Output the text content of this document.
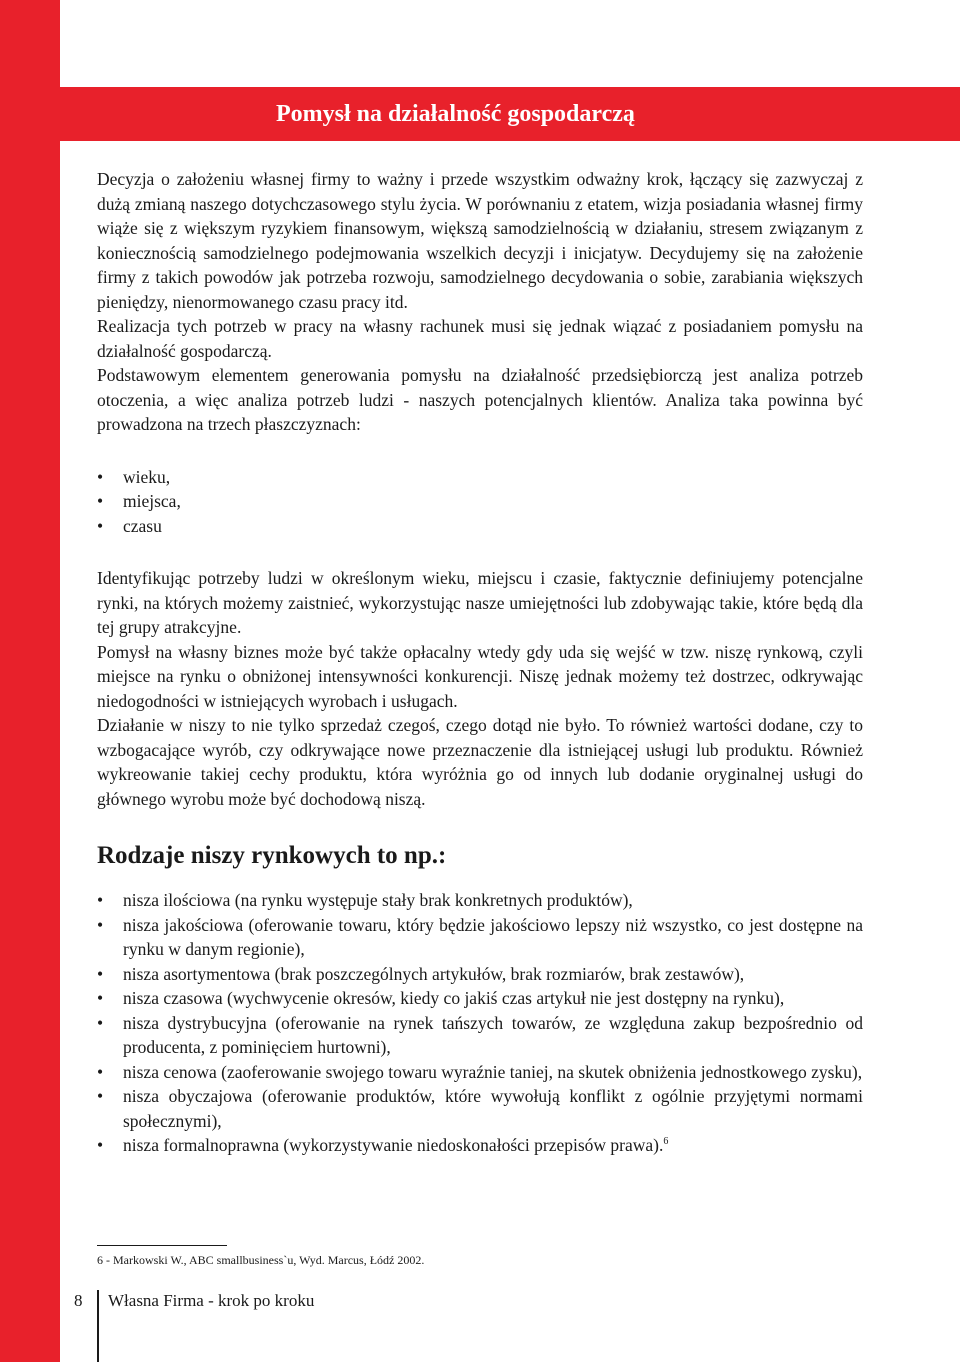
Pomysł na działalność gospodarczą

Decyzja o założeniu własnej firmy to ważny i przede wszystkim odważny krok, łączący się zazwyczaj z dużą zmianą naszego dotychczasowego stylu życia. W porównaniu z etatem, wizja posiadania własnej firmy wiąże się z większym ryzykiem finansowym, większą samodzielnością w działaniu, stresem związanym z koniecznością samodzielnego podejmowania wszelkich decyzji i inicjatyw. Decydujemy się na założenie firmy z takich powodów jak potrzeba rozwoju, samodzielnego decydowania o sobie, zarabiania większych pieniędzy, nienormowanego czasu pracy itd.

Realizacja tych potrzeb w pracy na własny rachunek musi się jednak wiązać z posiadaniem pomysłu na działalność gospodarczą.

Podstawowym elementem generowania pomysłu na działalność przedsiębiorczą jest analiza potrzeb otoczenia, a więc analiza potrzeb ludzi - naszych potencjalnych klientów. Analiza taka powinna być prowadzona na trzech płaszczyznach:

• wieku,
• miejsca,
• czasu

Identyfikując potrzeby ludzi w określonym wieku, miejscu i czasie, faktycznie definiujemy potencjalne rynki, na których możemy zaistnieć, wykorzystując nasze umiejętności lub zdobywając takie, które będą dla tej grupy atrakcyjne.

Pomysł na własny biznes może być także opłacalny wtedy gdy uda się wejść w tzw. niszę rynkową, czyli miejsce na rynku o obniżonej intensywności konkurencji. Niszę jednak możemy też dostrzec, odkrywając niedogodności w istniejących wyrobach i usługach.

Działanie w niszy to nie tylko sprzedaż czegoś, czego dotąd nie było. To również wartości dodane, czy to wzbogacające wyrób, czy odkrywające nowe przeznaczenie dla istniejącej usługi lub produktu. Również wykreowanie takiej cechy produktu, która wyróżnia go od innych lub dodanie oryginalnej usługi do głównego wyrobu może być dochodową niszą.

Rodzaje niszy rynkowych to np.:
• nisza ilościowa (na rynku występuje stały brak konkretnych produktów),
• nisza jakościowa (oferowanie towaru, który będzie jakościowo lepszy niż wszystko, co jest dostępne na rynku w danym regionie),
• nisza asortymentowa (brak poszczególnych artykułów, brak rozmiarów, brak zestawów),
• nisza czasowa (wychwycenie okresów, kiedy co jakiś czas artykuł nie jest dostępny na rynku),
• nisza dystrybucyjna (oferowanie na rynek tańszych towarów, ze względuna zakup bezpośrednio od producenta, z pominięciem hurtowni),
• nisza cenowa (zaoferowanie swojego towaru wyraźnie taniej, na skutek obniżenia jednostkowego zysku),
• nisza obyczajowa (oferowanie produktów, które wywołują konflikt z ogólnie przyjętymi normami społecznymi),
• nisza formalnoprawna (wykorzystywanie niedoskonałości przepisów prawa).$^6$
6 - Markowski W., ABC smallbusiness`u, Wyd. Marcus, Łódź 2002.
8 Własna Firma - krok po kroku
